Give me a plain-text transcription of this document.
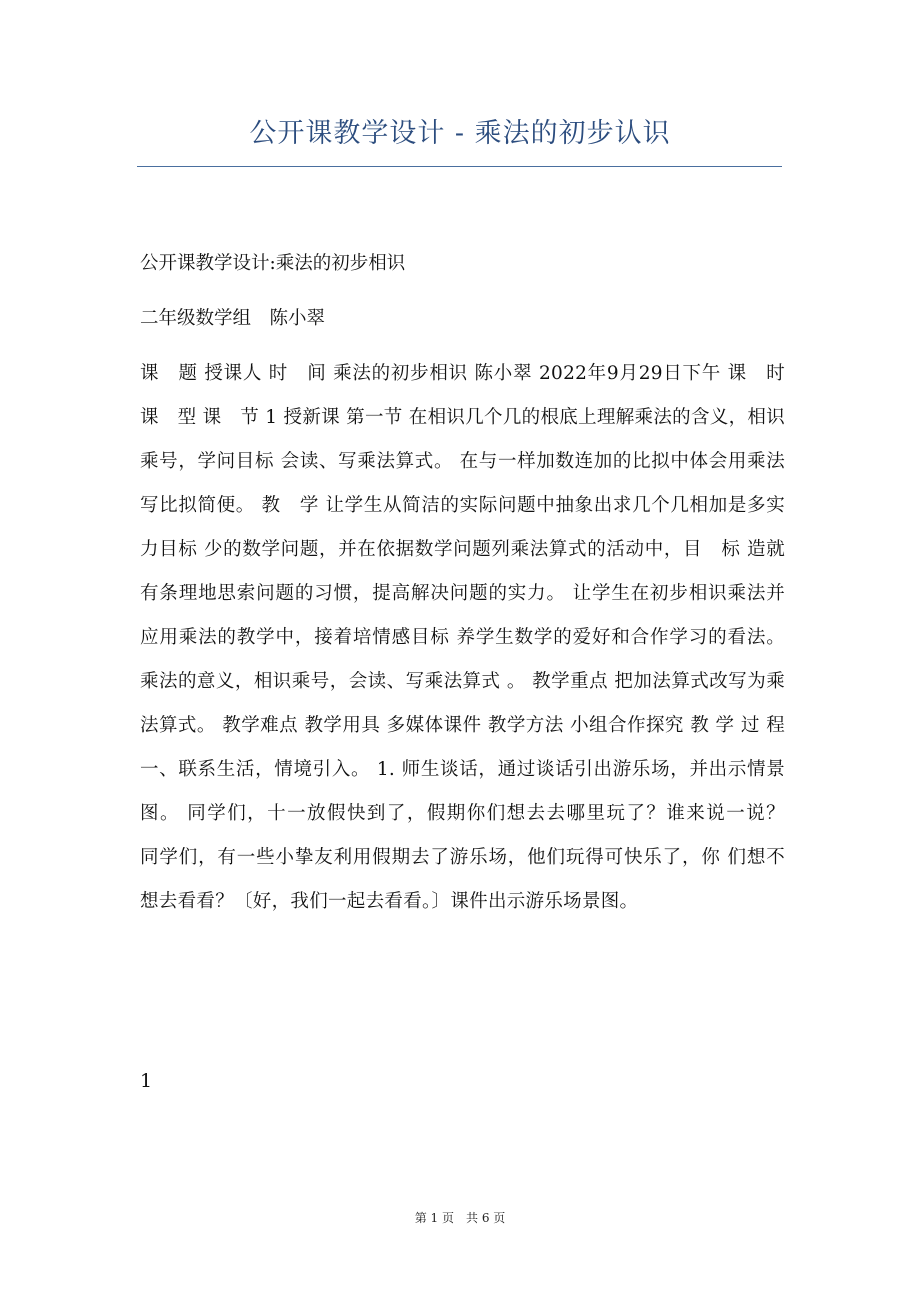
公开课教学设计 - 乘法的初步认识

公开课教学设计:乘法的初步相识

二年级数学组　陈小翠

课　题 授课人 时　间 乘法的初步相识 陈小翠 2022年9月29日下午 课　时 课　型 课　节 1 授新课 第一节 在相识几个几的根底上理解乘法的含义，相识乘号，学问目标 会读、写乘法算式。 在与一样加数连加的比拟中体会用乘法写比拟简便。 教　学 让学生从简洁的实际问题中抽象出求几个几相加是多实力目标 少的数学问题，并在依据数学问题列乘法算式的活动中，目　标 造就有条理地思索问题的习惯，提高解决问题的实力。 让学生在初步相识乘法并应用乘法的教学中，接着培情感目标 养学生数学的爱好和合作学习的看法。 乘法的意义，相识乘号，会读、写乘法算式 。 教学重点 把加法算式改写为乘法算式。 教学难点 教学用具 多媒体课件 教学方法 小组合作探究 教 学 过 程 一、联系生活，情境引入。 1. 师生谈话，通过谈话引出游乐场，并出示情景图。 同学们，十一放假快到了，假期你们想去去哪里玩了？谁来说一说？　 同学们，有一些小挚友利用假期去了游乐场，他们玩得可快乐了，你 们想不想去看看？〔好，我们一起去看看。〕课件出示游乐场景图。

1
第 1 页　共 6 页
